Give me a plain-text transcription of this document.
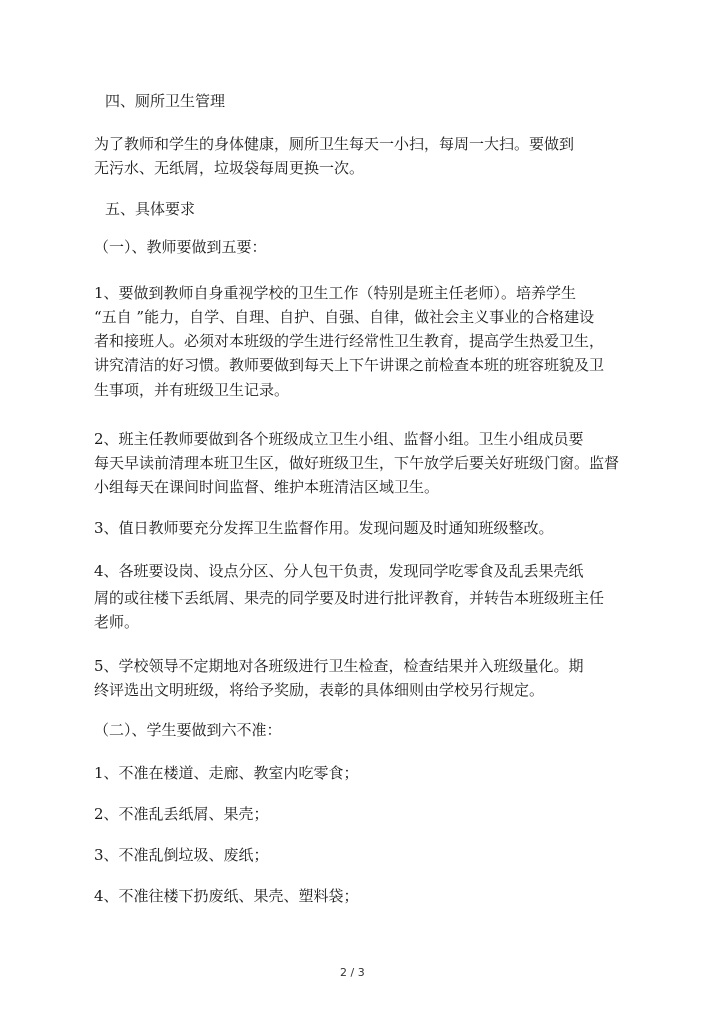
四、厕所卫生管理
为了教师和学生的身体健康，厕所卫生每天一小扫，每周一大扫。要做到
无污水、无纸屑，垃圾袋每周更换一次。
五、具体要求
（一）、教师要做到五要：
1、要做到教师自身重视学校的卫生工作（特别是班主任老师）。培养学生
“五自 ”能力，自学、自理、自护、自强、自律，做社会主义事业的合格建设
者和接班人。必须对本班级的学生进行经常性卫生教育，提高学生热爱卫生，
讲究清洁的好习惯。教师要做到每天上下午讲课之前检查本班的班容班貌及卫
生事项，并有班级卫生记录。
2、班主任教师要做到各个班级成立卫生小组、监督小组。卫生小组成员要
每天早读前清理本班卫生区，做好班级卫生，下午放学后要关好班级门窗。监督
小组每天在课间时间监督、维护本班清洁区域卫生。
3、值日教师要充分发挥卫生监督作用。发现问题及时通知班级整改。
4、各班要设岗、设点分区、分人包干负责，发现同学吃零食及乱丢果壳纸
屑的或往楼下丢纸屑、果壳的同学要及时进行批评教育，并转告本班级班主任
老师。
5、学校领导不定期地对各班级进行卫生检查，检查结果并入班级量化。期
终评选出文明班级，将给予奖励，表彰的具体细则由学校另行规定。
（二）、学生要做到六不准：
1、不准在楼道、走廊、教室内吃零食；
2、不准乱丢纸屑、果壳；
3、不准乱倒垃圾、废纸；
4、不准往楼下扔废纸、果壳、塑料袋；
2 / 3
